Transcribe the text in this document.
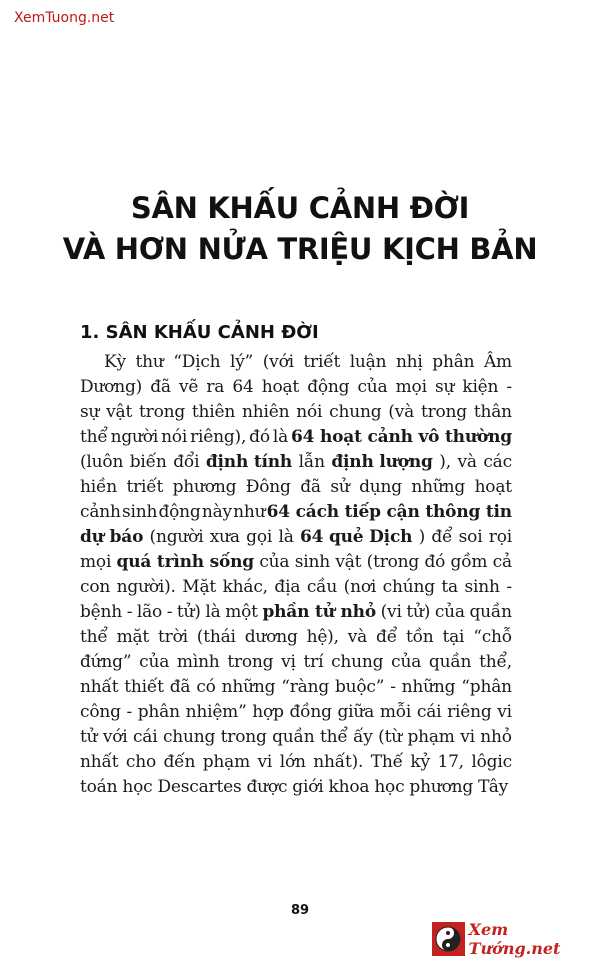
XemTuong.net
SÂN KHẤU CẢNH ĐỜI
VÀ HƠN NỬA TRIỆU KỊCH BẢN
1. SÂN KHẤU CẢNH ĐỜI
Kỳ thư “Dịch lý” (với triết luận nhị phân Âm
Dương) đã vẽ ra 64 hoạt động của mọi sự kiện -
sự vật trong thiên nhiên nói chung (và trong thân
thể người nói riêng), đó là 64 hoạt cảnh vô thường
(luôn biến đổi định tính lẫn định lượng ), và các
hiền triết phương Đông đã sử dụng những hoạt
cảnh sinh động này như 64 cách tiếp cận thông tin
dự báo (người xưa gọi là 64 quẻ Dịch ) để soi rọi
mọi quá trình sống của sinh vật (trong đó gồm cả
con người). Mặt khác, địa cầu (nơi chúng ta sinh -
bệnh - lão - tử) là một phần tử nhỏ (vi tử) của quần
thể mặt trời (thái dương hệ), và để tồn tại “chỗ
đứng” của mình trong vị trí chung của quần thể,
nhất thiết đã có những “ràng buộc” - những “phân
công - phân nhiệm” hợp đồng giữa mỗi cái riêng vi
tử với cái chung trong quần thể ấy (từ phạm vi nhỏ
nhất cho đến phạm vi lớn nhất). Thế kỷ 17, lôgic
toán học Descartes được giới khoa học phương Tây
89
Xem Tướng.net
